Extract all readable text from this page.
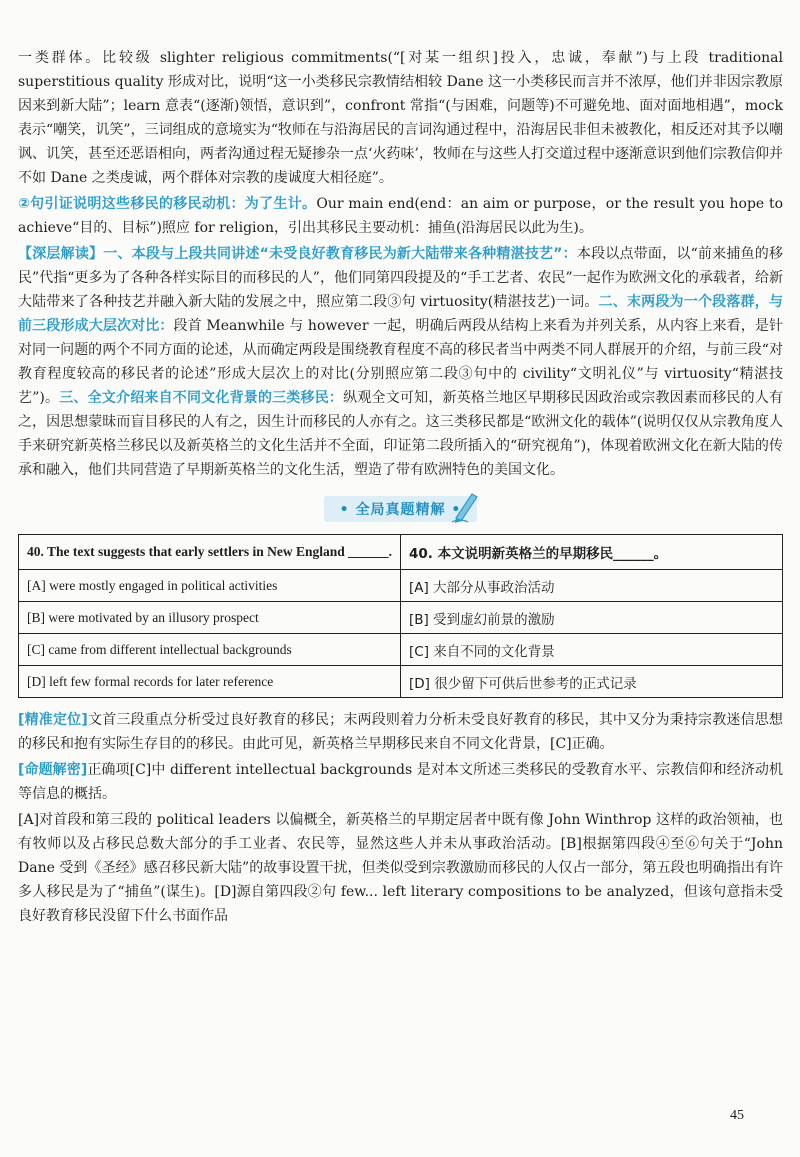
一类群体。比较级 slighter religious commitments(“[对某一组织]投入，忠诚，奉献”)与上段 traditional superstitious quality 形成对比，说明“这一小类移民宗教情结相较 Dane 这一小类移民而言并不浓厚，他们并非因宗教原因来到新大陆”；learn 意表“(逐渐)领悟，意识到”，confront 常指“(与困难，问题等)不可避免地、面对面地相遇”，mock 表示“嘲笑，讥笑”，三词组成的意境实为“牧师在与沿海居民的言词沟通过程中，沿海居民非但未被教化，相反还对其予以嘲讽、讥笑，甚至还恶语相向，两者沟通过程无疑掺杂一点‘火药味’，牧师在与这些人打交道过程中逐渐意识到他们宗教信仰并不如 Dane 之类虔诚，两个群体对宗教的虔诚度大相径庭”。

②句引证说明这些移民的移民动机：为了生计。Our main end(end：an aim or purpose，or the result you hope to achieve“目的、目标”)照应 for religion，引出其移民主要动机：捕鱼(沿海居民以此为生)。

【深层解读】一、本段与上段共同讲述“未受良好教育移民为新大陆带来各种精湛技艺”：本段以点带面，以“前来捕鱼的移民”代指“更多为了各种各样实际目的而移民的人”，他们同第四段提及的“手工艺者、农民”一起作为欧洲文化的承载者，给新大陆带来了各种技艺并融入新大陆的发展之中，照应第二段③句 virtuosity(精湛技艺)一词。二、末两段为一个段落群，与前三段形成大层次对比：段首 Meanwhile 与 however 一起，明确后两段从结构上来看为并列关系，从内容上来看，是针对同一问题的两个不同方面的论述，从而确定两段是围绕教育程度不高的移民者当中两类不同人群展开的介绍，与前三段“对教育程度较高的移民者的论述”形成大层次上的对比(分别照应第二段③句中的 civility“文明礼仪”与 virtuosity“精湛技艺”)。三、全文介绍来自不同文化背景的三类移民：纵观全文可知，新英格兰地区早期移民因政治或宗教因素而移民的人有之，因思想蒙昧而盲目移民的人有之，因生计而移民的人亦有之。这三类移民都是“欧洲文化的载体”(说明仅仅从宗教角度人手来研究新英格兰移民以及新英格兰的文化生活并不全面，印证第二段所插入的“研究视角”)，体现着欧洲文化在新大陆的传承和融入，他们共同营造了早期新英格兰的文化生活，塑造了带有欧洲特色的美国文化。

• 全局真题精解 •
40. The text suggests that early settlers in New England ______.	40. 本文说明新英格兰的早期移民______。
[A] were mostly engaged in political activities	[A] 大部分从事政治活动
[B] were motivated by an illusory prospect	[B] 受到虚幻前景的激励
[C] came from different intellectual backgrounds	[C] 来自不同的文化背景
[D] left few formal records for later reference	[D] 很少留下可供后世参考的正式记录

[精准定位]文首三段重点分析受过良好教育的移民；末两段则着力分析未受良好教育的移民，其中又分为秉持宗教迷信思想的移民和抱有实际生存目的的移民。由此可见，新英格兰早期移民来自不同文化背景，[C]正确。

[命题解密]正确项[C]中 different intellectual backgrounds 是对本文所述三类移民的受教育水平、宗教信仰和经济动机等信息的概括。

[A]对首段和第三段的 political leaders 以偏概全，新英格兰的早期定居者中既有像 John Winthrop 这样的政治领袖，也有牧师以及占移民总数大部分的手工业者、农民等，显然这些人并未从事政治活动。[B]根据第四段④至⑥句关于“John Dane 受到《圣经》感召移民新大陆”的故事设置干扰，但类似受到宗教激励而移民的人仅占一部分，第五段也明确指出有许多人移民是为了“捕鱼”(谋生)。[D]源自第四段②句 few... left literary compositions to be analyzed，但该句意指未受良好教育移民没留下什么书面作品

45
